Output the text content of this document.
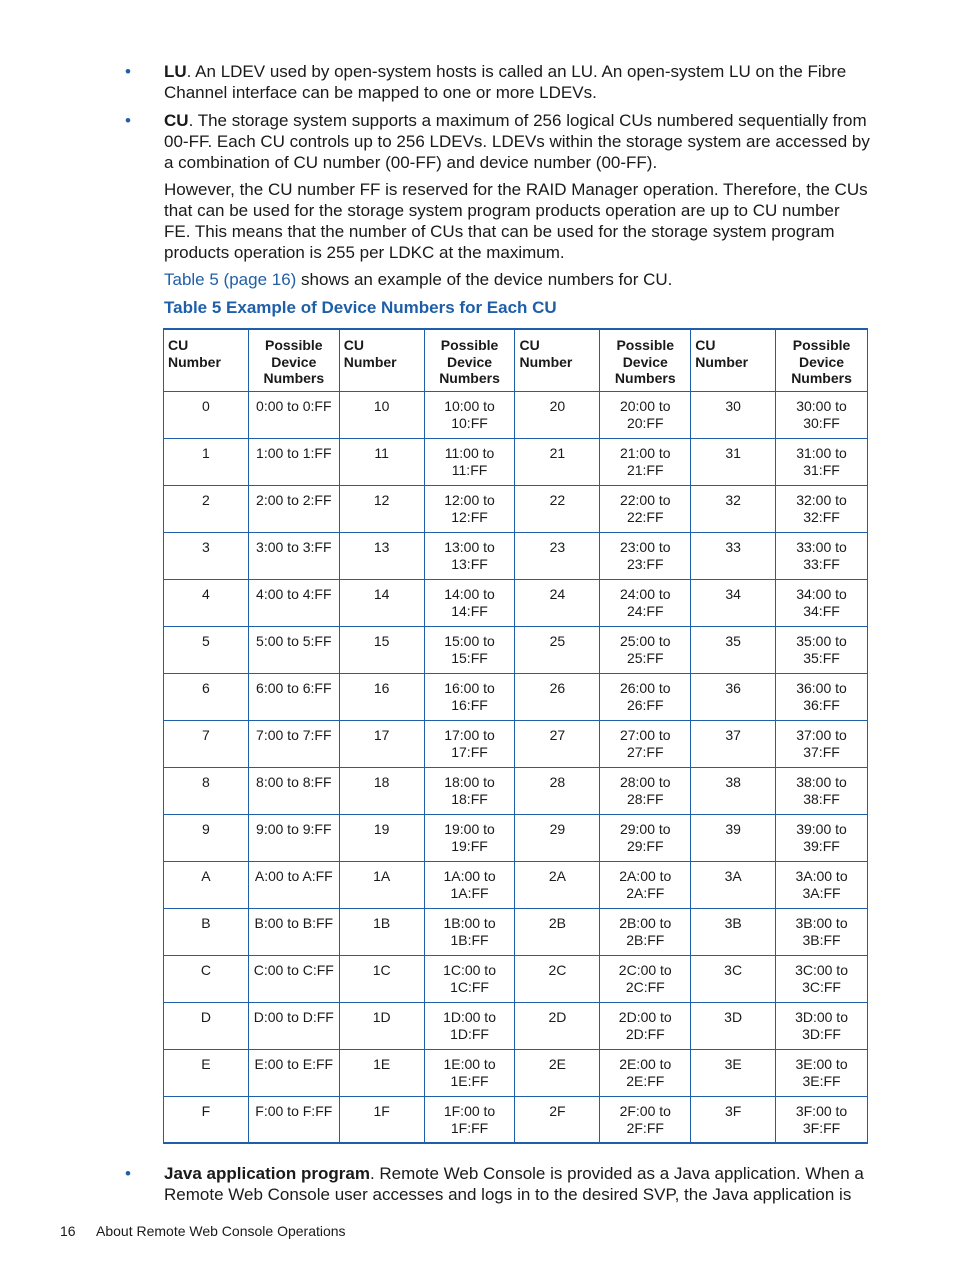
• LU. An LDEV used by open-system hosts is called an LU. An open-system LU on the Fibre Channel interface can be mapped to one or more LDEVs.
• CU. The storage system supports a maximum of 256 logical CUs numbered sequentially from 00-FF. Each CU controls up to 256 LDEVs. LDEVs within the storage system are accessed by a combination of CU number (00-FF) and device number (00-FF).
However, the CU number FF is reserved for the RAID Manager operation. Therefore, the CUs that can be used for the storage system program products operation are up to CU number FE. This means that the number of CUs that can be used for the storage system program products operation is 255 per LDKC at the maximum.
Table 5 (page 16) shows an example of the device numbers for CU.
Table 5 Example of Device Numbers for Each CU
CU Number	Possible Device Numbers	CU Number	Possible Device Numbers	CU Number	Possible Device Numbers	CU Number	Possible Device Numbers
0	0:00 to 0:FF	10	10:00 to 10:FF	20	20:00 to 20:FF	30	30:00 to 30:FF
1	1:00 to 1:FF	11	11:00 to 11:FF	21	21:00 to 21:FF	31	31:00 to 31:FF
2	2:00 to 2:FF	12	12:00 to 12:FF	22	22:00 to 22:FF	32	32:00 to 32:FF
3	3:00 to 3:FF	13	13:00 to 13:FF	23	23:00 to 23:FF	33	33:00 to 33:FF
4	4:00 to 4:FF	14	14:00 to 14:FF	24	24:00 to 24:FF	34	34:00 to 34:FF
5	5:00 to 5:FF	15	15:00 to 15:FF	25	25:00 to 25:FF	35	35:00 to 35:FF
6	6:00 to 6:FF	16	16:00 to 16:FF	26	26:00 to 26:FF	36	36:00 to 36:FF
7	7:00 to 7:FF	17	17:00 to 17:FF	27	27:00 to 27:FF	37	37:00 to 37:FF
8	8:00 to 8:FF	18	18:00 to 18:FF	28	28:00 to 28:FF	38	38:00 to 38:FF
9	9:00 to 9:FF	19	19:00 to 19:FF	29	29:00 to 29:FF	39	39:00 to 39:FF
A	A:00 to A:FF	1A	1A:00 to 1A:FF	2A	2A:00 to 2A:FF	3A	3A:00 to 3A:FF
B	B:00 to B:FF	1B	1B:00 to 1B:FF	2B	2B:00 to 2B:FF	3B	3B:00 to 3B:FF
C	C:00 to C:FF	1C	1C:00 to 1C:FF	2C	2C:00 to 2C:FF	3C	3C:00 to 3C:FF
D	D:00 to D:FF	1D	1D:00 to 1D:FF	2D	2D:00 to 2D:FF	3D	3D:00 to 3D:FF
E	E:00 to E:FF	1E	1E:00 to 1E:FF	2E	2E:00 to 2E:FF	3E	3E:00 to 3E:FF
F	F:00 to F:FF	1F	1F:00 to 1F:FF	2F	2F:00 to 2F:FF	3F	3F:00 to 3F:FF
• Java application program. Remote Web Console is provided as a Java application. When a Remote Web Console user accesses and logs in to the desired SVP, the Java application is
16 About Remote Web Console Operations
